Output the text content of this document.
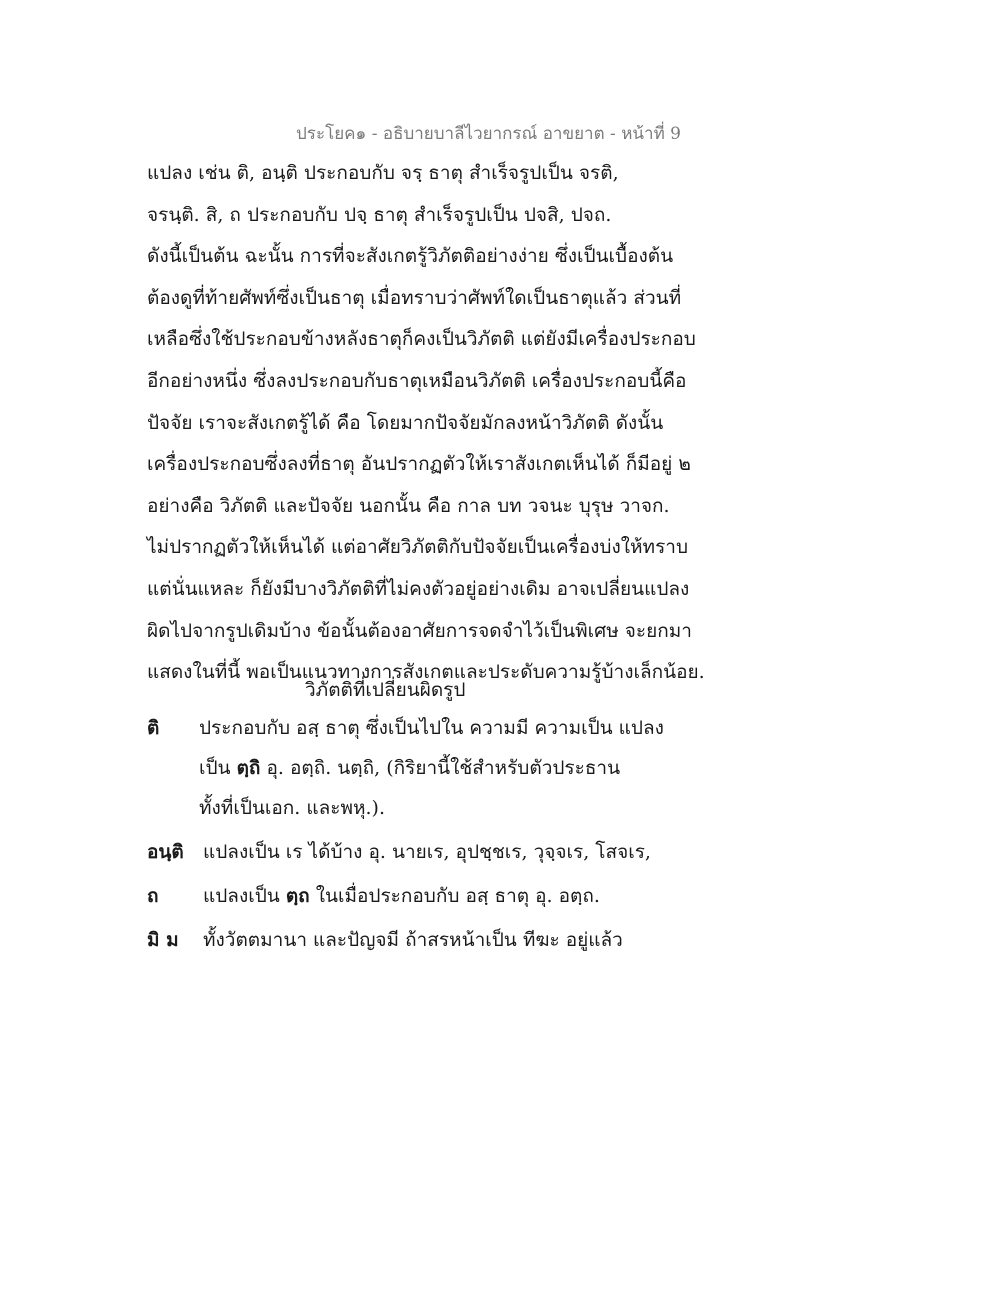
ประโยค๑ - อธิบายบาลีไวยากรณ์ อาขยาต - หน้าที่ 9
แปลง เช่น ติ, อนฺติ ประกอบกับ จรฺ ธาตุ สำเร็จรูปเป็น จรติ,
จรนฺติ. สิ, ถ ประกอบกับ ปจฺ ธาตุ สำเร็จรูปเป็น ปจสิ, ปจถ.
ดังนี้เป็นต้น ฉะนั้น การที่จะสังเกตรู้วิภัตติอย่างง่าย ซึ่งเป็นเบื้องต้น
ต้องดูที่ท้ายศัพท์ซึ่งเป็นธาตุ เมื่อทราบว่าศัพท์ใดเป็นธาตุแล้ว ส่วนที่
เหลือซึ่งใช้ประกอบข้างหลังธาตุก็คงเป็นวิภัตติ แต่ยังมีเครื่องประกอบ
อีกอย่างหนึ่ง ซึ่งลงประกอบกับธาตุเหมือนวิภัตติ เครื่องประกอบนี้คือ
ปัจจัย เราจะสังเกตรู้ได้ คือ โดยมากปัจจัยมักลงหน้าวิภัตติ ดังนั้น
เครื่องประกอบซึ่งลงที่ธาตุ อันปรากฏตัวให้เราสังเกตเห็นได้ ก็มีอยู่ ๒
อย่างคือ วิภัตติ และปัจจัย นอกนั้น คือ กาล บท วจนะ บุรุษ วาจก.
ไม่ปรากฏตัวให้เห็นได้ แต่อาศัยวิภัตติกับปัจจัยเป็นเครื่องบ่งให้ทราบ
แต่นั่นแหละ ก็ยังมีบางวิภัตติที่ไม่คงตัวอยู่อย่างเดิม อาจเปลี่ยนแปลง
ผิดไปจากรูปเดิมบ้าง ข้อนั้นต้องอาศัยการจดจำไว้เป็นพิเศษ จะยกมา
แสดงในที่นี้ พอเป็นแนวทางการสังเกตและประดับความรู้บ้างเล็กน้อย.
วิภัตติที่เปลี่ยนผิดรูป
ติ	ประกอบกับ อสฺ ธาตุ ซึ่งเป็นไปใน ความมี ความเป็น แปลง
เป็น ตฺถิ อุ. อตฺถิ. นตฺถิ, (กิริยานี้ใช้สำหรับตัวประธาน
ทั้งที่เป็นเอก. และพหุ.).
อนฺติ	แปลงเป็น เร ได้บ้าง อุ. นายเร, อุปชฺชเร, วุจฺจเร, โสจเร,
ถ	แปลงเป็น ตฺถ ในเมื่อประกอบกับ อสฺ ธาตุ อุ. อตฺถ.
มิ ม	ทั้งวัตตมานา และปัญจมี ถ้าสรหน้าเป็น ทีฆะ อยู่แล้ว
